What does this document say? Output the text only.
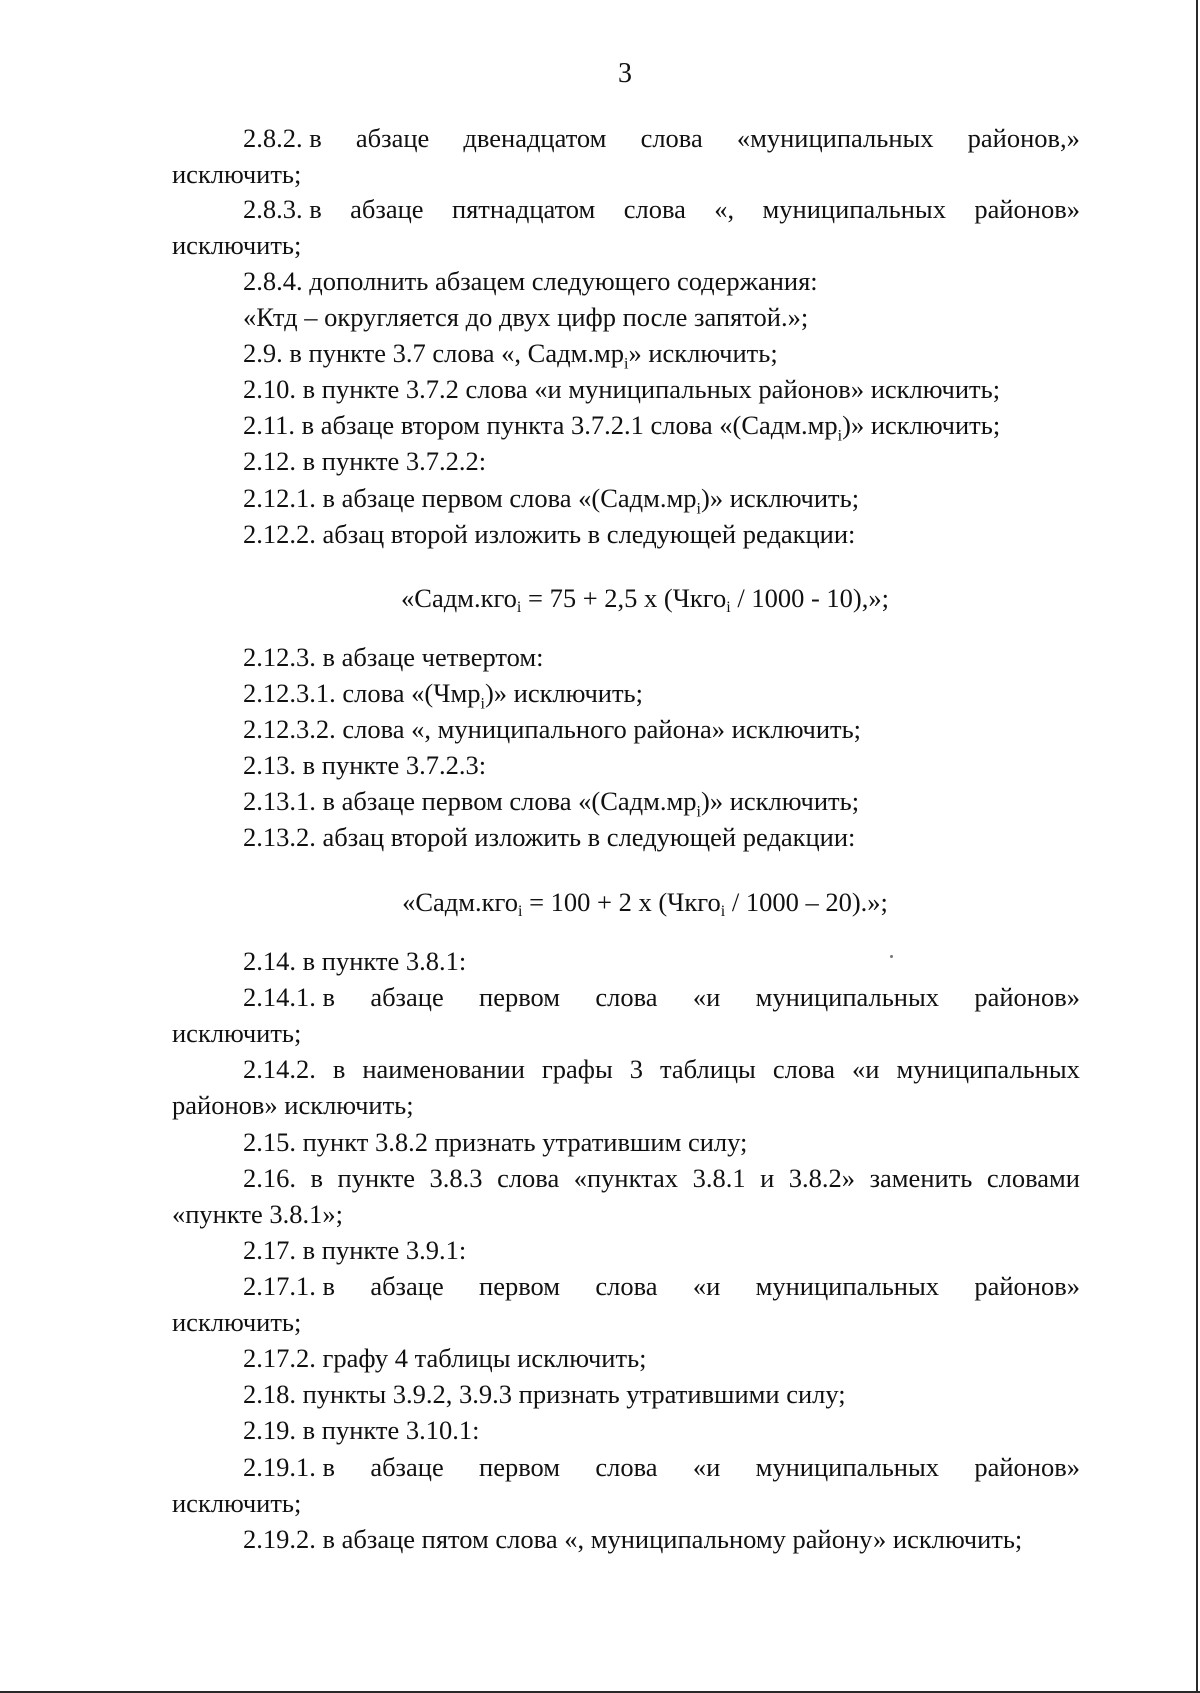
3
2.8.2. в абзаце двенадцатом слова «муниципальных районов,»
исключить;
2.8.3. в абзаце пятнадцатом слова «, муниципальных районов»
исключить;
2.8.4. дополнить абзацем следующего содержания:
«Ктд – округляется до двух цифр после запятой.»;
2.9. в пункте 3.7 слова «, $Садм.мр_i$» исключить;
2.10. в пункте 3.7.2 слова «и муниципальных районов» исключить;
2.11. в абзаце втором пункта 3.7.2.1 слова «$(Садм.мр_i)$» исключить;
2.12. в пункте 3.7.2.2:
2.12.1. в абзаце первом слова «$(Садм.мр_i)$» исключить;
2.12.2. абзац второй изложить в следующей редакции:
«Садм.кго$_i$ = 75 + 2,5 х (Чкго$_i$ / 1000 - 10),»;
2.12.3. в абзаце четвертом:
2.12.3.1. слова «(Чмр$_i$)» исключить;
2.12.3.2. слова «, муниципального района» исключить;
2.13. в пункте 3.7.2.3:
2.13.1. в абзаце первом слова «$(Садм.мр_i)$» исключить;
2.13.2. абзац второй изложить в следующей редакции:
«Садм.кго$_i$ = 100 + 2 х (Чкго$_i$ / 1000 – 20).»;
2.14. в пункте 3.8.1:
2.14.1. в абзаце первом слова «и муниципальных районов»
исключить;
2.14.2. в наименовании графы 3 таблицы слова «и муниципальных
районов» исключить;
2.15. пункт 3.8.2 признать утратившим силу;
2.16. в пункте 3.8.3 слова «пунктах 3.8.1 и 3.8.2» заменить словами
«пункте 3.8.1»;
2.17. в пункте 3.9.1:
2.17.1. в абзаце первом слова «и муниципальных районов»
исключить;
2.17.2. графу 4 таблицы исключить;
2.18. пункты 3.9.2, 3.9.3 признать утратившими силу;
2.19. в пункте 3.10.1:
2.19.1. в абзаце первом слова «и муниципальных районов»
исключить;
2.19.2. в абзаце пятом слова «, муниципальному району» исключить;
